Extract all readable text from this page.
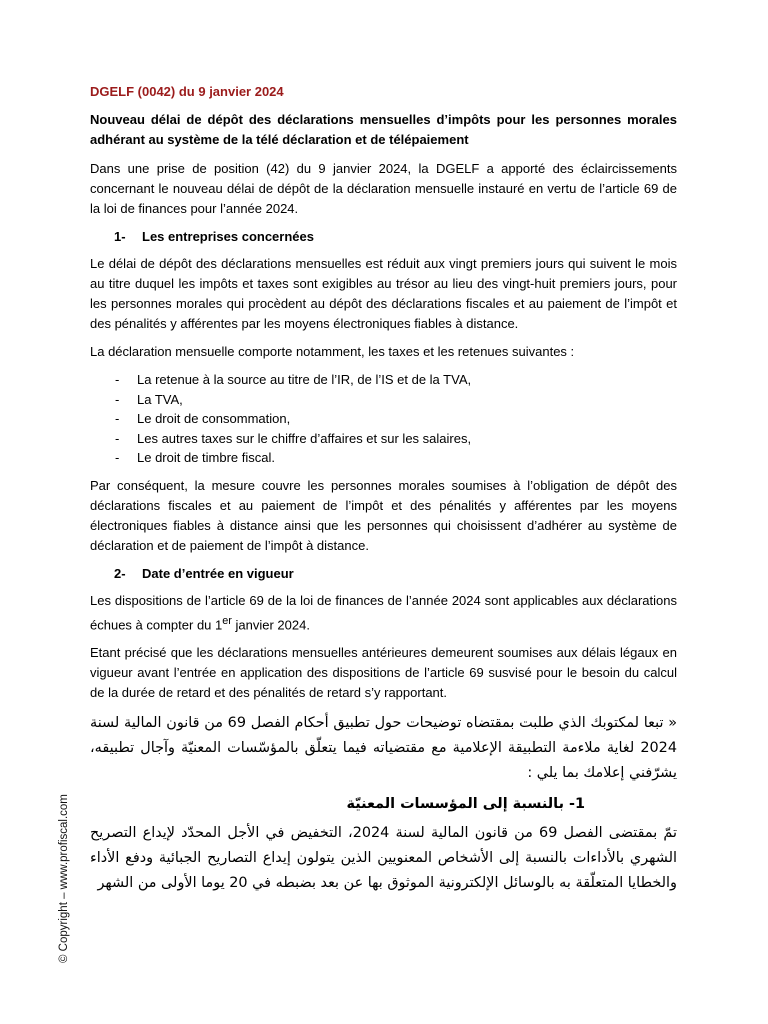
DGELF (0042) du 9 janvier 2024
Nouveau délai de dépôt des déclarations mensuelles d’impôts pour les personnes morales adhérant au système de la télé déclaration et de télépaiement

Dans une prise de position (42) du 9 janvier 2024, la DGELF a apporté des éclaircissements concernant le nouveau délai de dépôt de la déclaration mensuelle instauré en vertu de l’article 69 de la loi de finances pour l’année 2024.

1- Les entreprises concernées

Le délai de dépôt des déclarations mensuelles est réduit aux vingt premiers jours qui suivent le mois au titre duquel les impôts et taxes sont exigibles au trésor au lieu des vingt-huit premiers jours, pour les personnes morales qui procèdent au dépôt des déclarations fiscales et au paiement de l’impôt et des pénalités y afférentes par les moyens électroniques fiables à distance.

La déclaration mensuelle comporte notamment, les taxes et les retenues suivantes :

- La retenue à la source au titre de l’IR, de l’IS et de la TVA,
- La TVA,
- Le droit de consommation,
- Les autres taxes sur le chiffre d’affaires et sur les salaires,
- Le droit de timbre fiscal.

Par conséquent, la mesure couvre les personnes morales soumises à l’obligation de dépôt des déclarations fiscales et au paiement de l’impôt et des pénalités y afférentes par les moyens électroniques fiables à distance ainsi que les personnes qui choisissent d’adhérer au système de déclaration et de paiement de l’impôt à distance.

2- Date d’entrée en vigueur

Les dispositions de l’article 69 de la loi de finances de l’année 2024 sont applicables aux déclarations échues à compter du 1er janvier 2024.

Etant précisé que les déclarations mensuelles antérieures demeurent soumises aux délais légaux en vigueur avant l’entrée en application des dispositions de l’article 69 susvisé pour le besoin du calcul de la durée de retard et des pénalités de retard s’y rapportant.

« تبعا لمكتوبك الذي طلبت بمقتضاه توضيحات حول تطبيق أحكام الفصل 69 من قانون المالية لسنة 2024 لغاية ملاءمة التطبيقة الإعلامية مع مقتضياته فيما يتعلّق بالمؤسّسات المعنيّة وآجال تطبيقه، يشرّفني إعلامك بما يلي :

1- بالنسبة إلى المؤسسات المعنيّة

تمّ بمقتضى الفصل 69 من قانون المالية لسنة 2024، التخفيض في الأجل المحدّد لإيداع التصريح الشهري بالأداءات بالنسبة إلى الأشخاص المعنويين الذين يتولون إيداع التصاريح الجبائية ودفع الأداء والخطايا المتعلّقة به بالوسائل الإلكترونية الموثوق بها عن بعد بضبطه في 20 يوما الأولى من الشهر

© Copyright – www.profiscal.com
